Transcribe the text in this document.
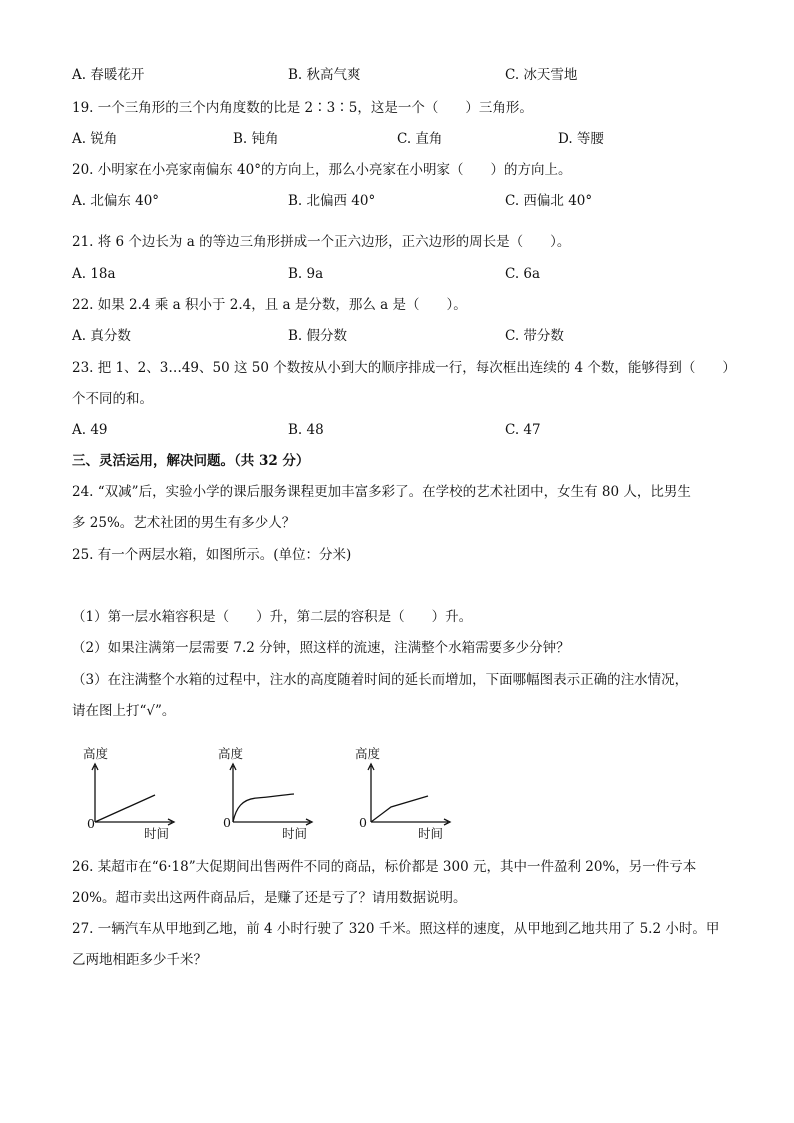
A. 春暖花开	B. 秋高气爽	C. 冰天雪地
19. 一个三角形的三个内角度数的比是 2∶3∶5，这是一个（　　）三角形。
A. 锐角	B. 钝角	C. 直角	D. 等腰
20. 小明家在小亮家南偏东 40°的方向上，那么小亮家在小明家（　　）的方向上。
A. 北偏东 40°	B. 北偏西 40°	C. 西偏北 40°
21. 将 6 个边长为 a 的等边三角形拼成一个正六边形，正六边形的周长是（　　）。
A. 18a	B. 9a	C. 6a
22. 如果 2.4 乘 a 积小于 2.4，且 a 是分数，那么 a 是（　　）。
A. 真分数	B. 假分数	C. 带分数
23. 把 1、2、3…49、50 这 50 个数按从小到大的顺序排成一行，每次框出连续的 4 个数，能够得到（　　）
个不同的和。
A. 49	B. 48	C. 47
三、灵活运用，解决问题。（共 32 分）
24. “双减”后，实验小学的课后服务课程更加丰富多彩了。在学校的艺术社团中，女生有 80 人，比男生
多 25%。艺术社团的男生有多少人？
25. 有一个两层水箱，如图所示。(单位：分米)
（1）第一层水箱容积是（　　）升，第二层的容积是（　　）升。
（2）如果注满第一层需要 7.2 分钟，照这样的流速，注满整个水箱需要多少分钟？
（3）在注满整个水箱的过程中，注水的高度随着时间的延长而增加，下面哪幅图表示正确的注水情况，
请在图上打“√”。
高度
0
时间
高度
0
时间
高度
0
时间
26. 某超市在“6·18”大促期间出售两件不同的商品，标价都是 300 元，其中一件盈利 20%，另一件亏本
20%。超市卖出这两件商品后，是赚了还是亏了？请用数据说明。
27. 一辆汽车从甲地到乙地，前 4 小时行驶了 320 千米。照这样的速度，从甲地到乙地共用了 5.2 小时。甲
乙两地相距多少千米？
